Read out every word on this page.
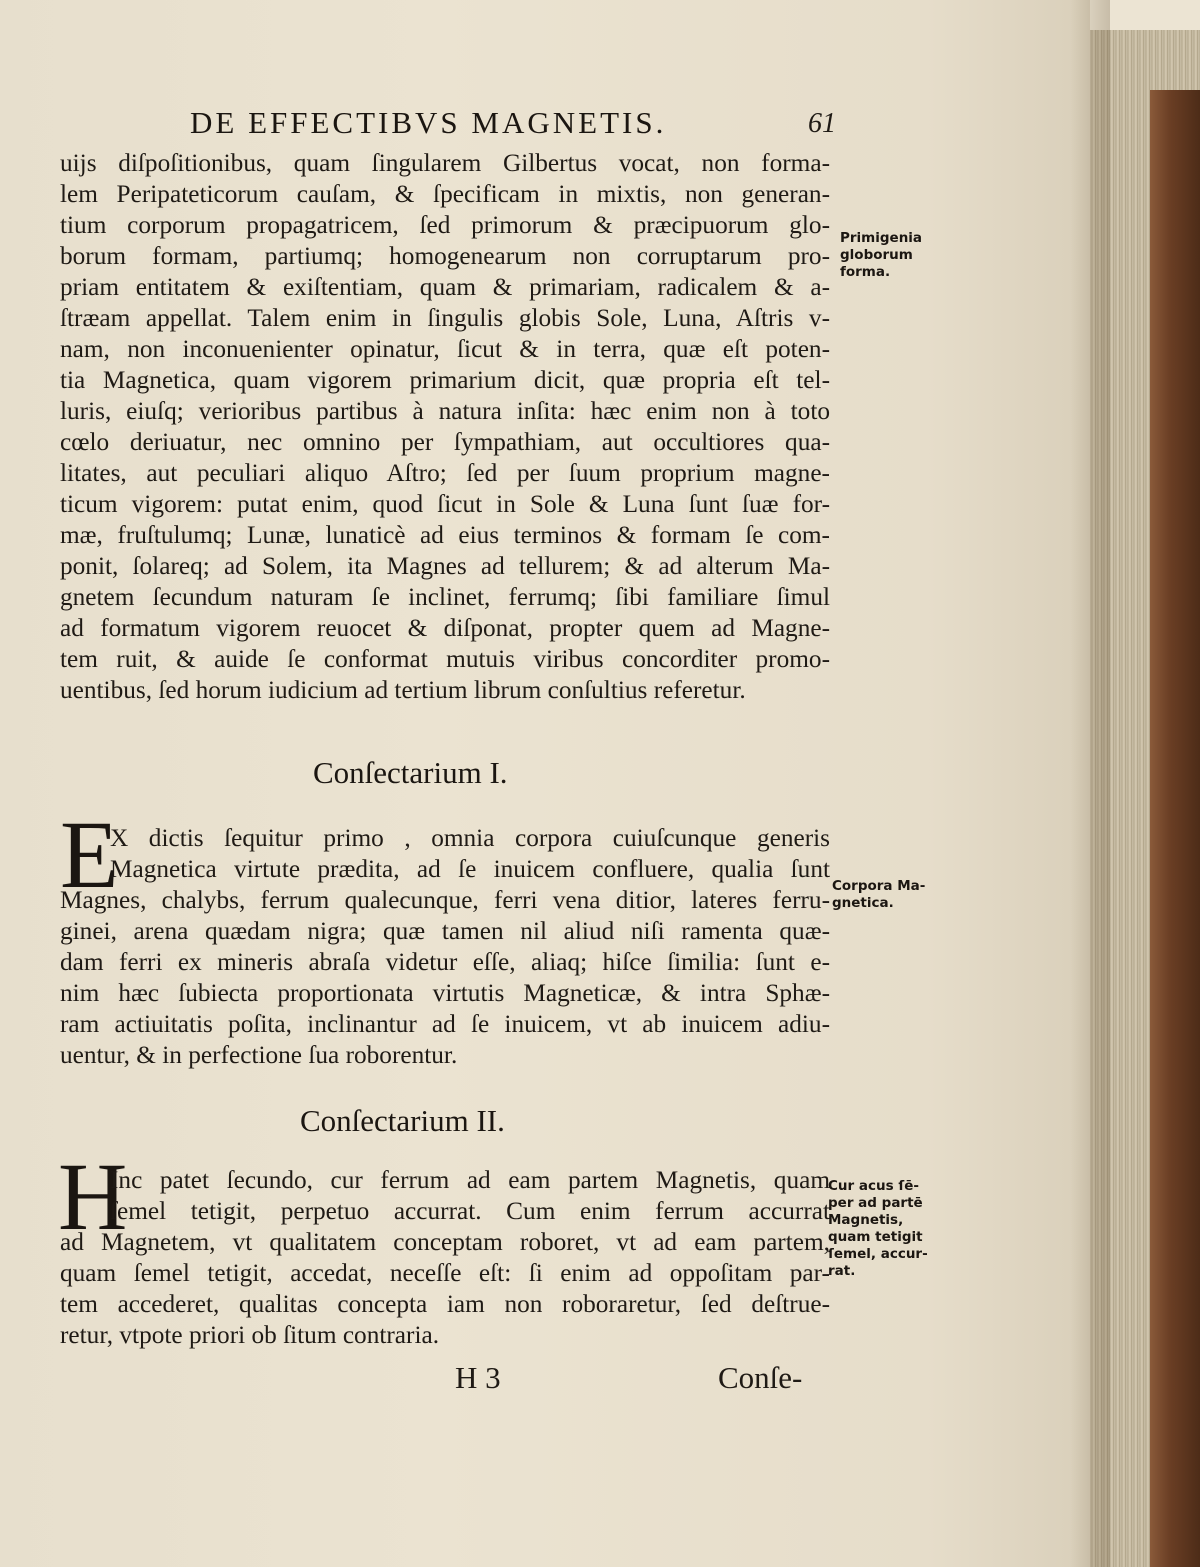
DE EFFECTIBVS MAGNETIS.	61
uijs diſpoſitionibus, quam ſingularem Gilbertus vocat, non forma-
lem Peripateticorum cauſam, & ſpecificam in mixtis, non generan-
tium corporum propagatricem, ſed primorum & præcipuorum glo-
borum formam, partiumq; homogenearum non corruptarum pro-
priam entitatem & exiſtentiam, quam & primariam, radicalem & a-
ſtræam appellat. Talem enim in ſingulis globis Sole, Luna, Aſtris v-
nam, non inconuenienter opinatur, ſicut & in terra, quæ eſt poten-
tia Magnetica, quam vigorem primarium dicit, quæ propria eſt tel-
luris, eiuſq; verioribus partibus à natura inſita: hæc enim non à toto
cœlo deriuatur, nec omnino per ſympathiam, aut occultiores qua-
litates, aut peculiari aliquo Aſtro; ſed per ſuum proprium magne-
ticum vigorem: putat enim, quod ſicut in Sole & Luna ſunt ſuæ for-
mæ, fruſtulumq; Lunæ, lunaticè ad eius terminos & formam ſe com-
ponit, ſolareq; ad Solem, ita Magnes ad tellurem; & ad alterum Ma-
gnetem ſecundum naturam ſe inclinet, ferrumq; ſibi familiare ſimul
ad formatum vigorem reuocet & diſponat, propter quem ad Magne-
tem ruit, & auide ſe conformat mutuis viribus concorditer promo-
uentibus, ſed horum iudicium ad tertium librum conſultius referetur.
Conſectarium I.
E
X dictis ſequitur primo , omnia corpora cuiuſcunque generis
Magnetica virtute prædita, ad ſe inuicem confluere, qualia ſunt
Magnes, chalybs, ferrum qualecunque, ferri vena ditior, lateres ferru-
ginei, arena quædam nigra; quæ tamen nil aliud niſi ramenta quæ-
dam ferri ex mineris abraſa videtur eſſe, aliaq; hiſce ſimilia: ſunt e-
nim hæc ſubiecta proportionata virtutis Magneticæ, & intra Sphæ-
ram actiuitatis poſita, inclinantur ad ſe inuicem, vt ab inuicem adiu-
uentur, & in perfectione ſua roborentur.
Conſectarium II.
H
Inc patet ſecundo, cur ferrum ad eam partem Magnetis, quam
ſemel tetigit, perpetuo accurrat. Cum enim ferrum accurrat
ad Magnetem, vt qualitatem conceptam roboret, vt ad eam partem,
quam ſemel tetigit, accedat, neceſſe eſt: ſi enim ad oppoſitam par-
tem accederet, qualitas concepta iam non roboraretur, ſed deſtrue-
retur, vtpote priori ob ſitum contraria.
Primigenia
globorum
forma.
Corpora Ma-
gnetica.
Cur acus ſē-
per ad partē
Magnetis,
quam tetigit
ſemel, accur-
rat.
H 3	Conſe-
